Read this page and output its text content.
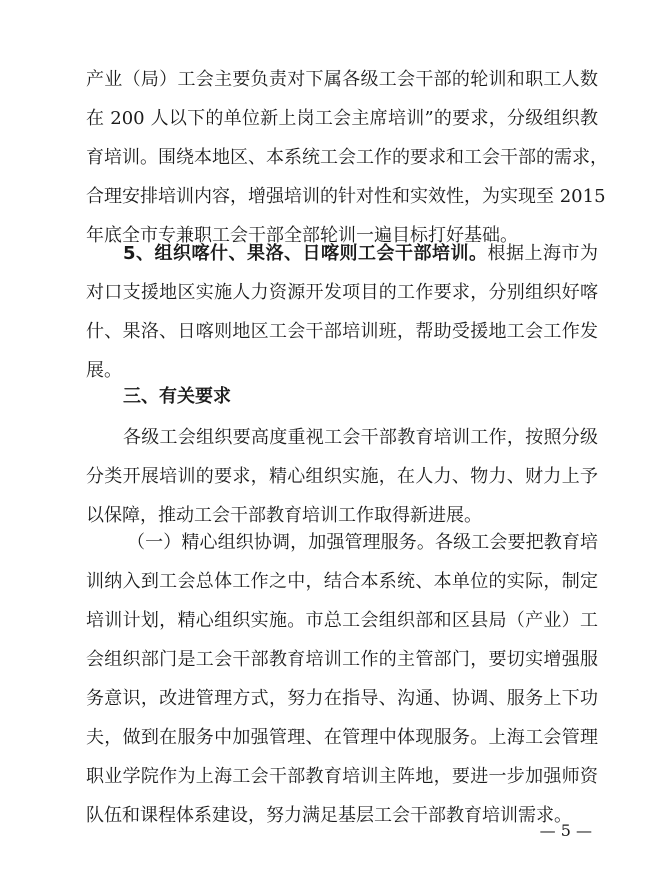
产业（局）工会主要负责对下属各级工会干部的轮训和职工人数
在 200 人以下的单位新上岗工会主席培训”的要求，分级组织教
育培训。围绕本地区、本系统工会工作的要求和工会干部的需求，
合理安排培训内容，增强培训的针对性和实效性，为实现至 2015
年底全市专兼职工会干部全部轮训一遍目标打好基础。
5、组织喀什、果洛、日喀则工会干部培训。根据上海市为
对口支援地区实施人力资源开发项目的工作要求，分别组织好喀
什、果洛、日喀则地区工会干部培训班，帮助受援地工会工作发
展。
三、有关要求
各级工会组织要高度重视工会干部教育培训工作，按照分级
分类开展培训的要求，精心组织实施，在人力、物力、财力上予
以保障，推动工会干部教育培训工作取得新进展。
（一）精心组织协调，加强管理服务。各级工会要把教育培
训纳入到工会总体工作之中，结合本系统、本单位的实际，制定
培训计划，精心组织实施。市总工会组织部和区县局（产业）工
会组织部门是工会干部教育培训工作的主管部门，要切实增强服
务意识，改进管理方式，努力在指导、沟通、协调、服务上下功
夫，做到在服务中加强管理、在管理中体现服务。上海工会管理
职业学院作为上海工会干部教育培训主阵地，要进一步加强师资
队伍和课程体系建设，努力满足基层工会干部教育培训需求。
— 5 —
